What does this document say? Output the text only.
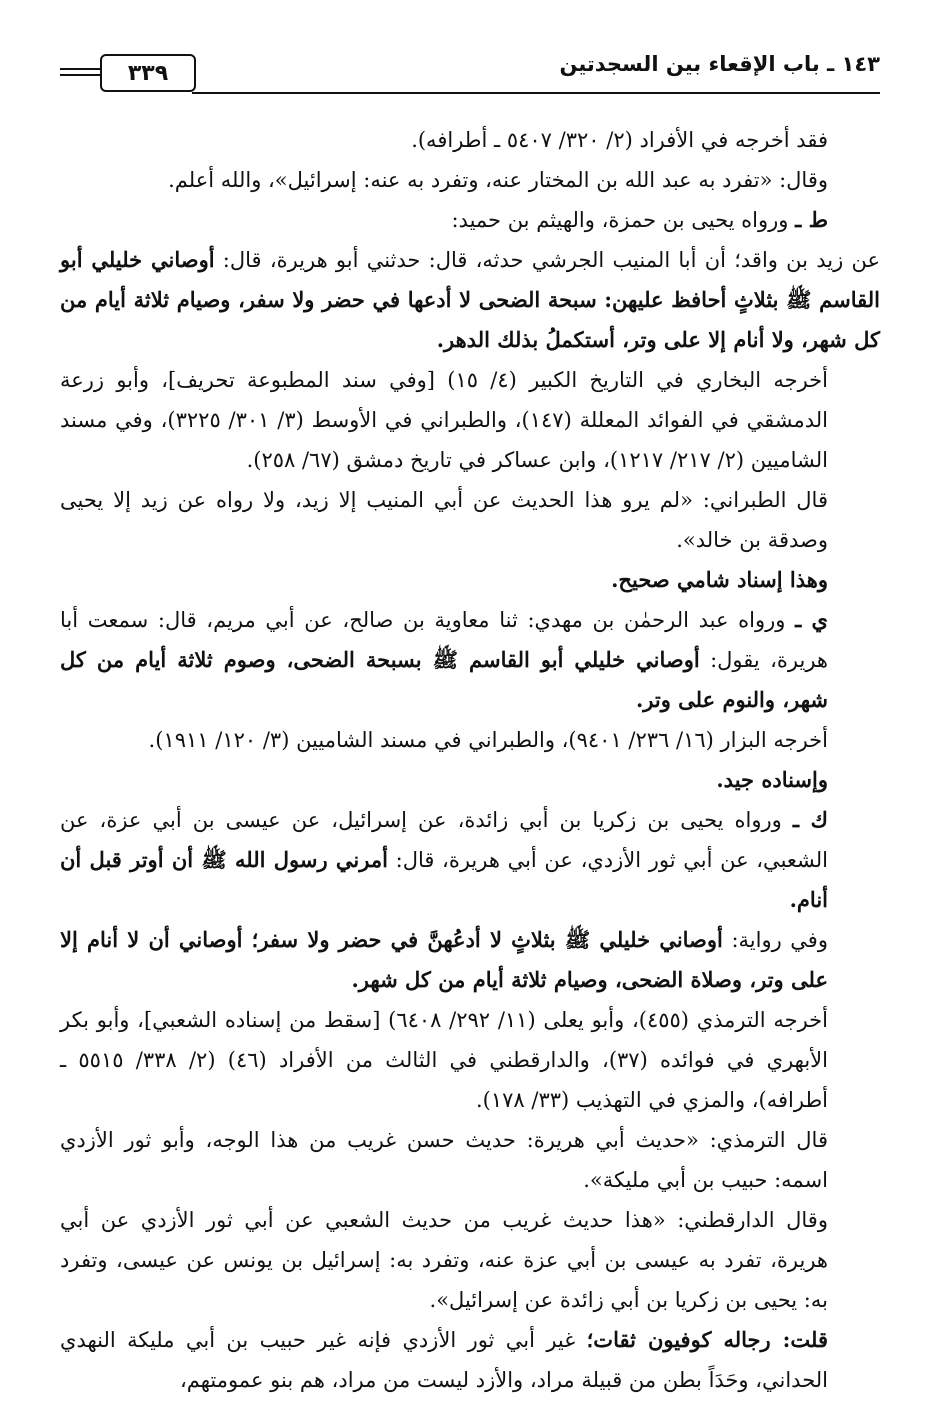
١٤٣ ـ باب الإقعاء بين السجدتين
٣٣٩

فقد أخرجه في الأفراد (٢/ ٣٢٠/ ٥٤٠٧ ـ أطرافه).

وقال: «تفرد به عبد الله بن المختار عنه، وتفرد به عنه: إسرائيل»، والله أعلم.

ط ـ ورواه يحيى بن حمزة، والهيثم بن حميد:

عن زيد بن واقد؛ أن أبا المنيب الجرشي حدثه، قال: حدثني أبو هريرة، قال: أوصاني خليلي أبو القاسم ﷺ بثلاثٍ أحافظ عليهن: سبحة الضحى لا أدعها في حضر ولا سفر، وصيام ثلاثة أيام من كل شهر، ولا أنام إلا على وتر، أستكملُ بذلك الدهر.

أخرجه البخاري في التاريخ الكبير (٤/ ١٥) [وفي سند المطبوعة تحريف]، وأبو زرعة الدمشقي في الفوائد المعللة (١٤٧)، والطبراني في الأوسط (٣/ ٣٠١/ ٣٢٢٥)، وفي مسند الشاميين (٢/ ٢١٧/ ١٢١٧)، وابن عساكر في تاريخ دمشق (٦٧/ ٢٥٨).

قال الطبراني: «لم يرو هذا الحديث عن أبي المنيب إلا زيد، ولا رواه عن زيد إلا يحيى وصدقة بن خالد».

وهذا إسناد شامي صحيح.

ي ـ ورواه عبد الرحمٰن بن مهدي: ثنا معاوية بن صالح، عن أبي مريم، قال: سمعت أبا هريرة، يقول: أوصاني خليلي أبو القاسم ﷺ بسبحة الضحى، وصوم ثلاثة أيام من كل شهر، والنوم على وتر.

أخرجه البزار (١٦/ ٢٣٦/ ٩٤٠١)، والطبراني في مسند الشاميين (٣/ ١٢٠/ ١٩١١).

وإسناده جيد.

ك ـ ورواه يحيى بن زكريا بن أبي زائدة، عن إسرائيل، عن عيسى بن أبي عزة، عن الشعبي، عن أبي ثور الأزدي، عن أبي هريرة، قال: أمرني رسول الله ﷺ أن أوتر قبل أن أنام.

وفي رواية: أوصاني خليلي ﷺ بثلاثٍ لا أدعُهنَّ في حضر ولا سفر؛ أوصاني أن لا أنام إلا على وتر، وصلاة الضحى، وصيام ثلاثة أيام من كل شهر.

أخرجه الترمذي (٤٥٥)، وأبو يعلى (١١/ ٢٩٢/ ٦٤٠٨) [سقط من إسناده الشعبي]، وأبو بكر الأبهري في فوائده (٣٧)، والدارقطني في الثالث من الأفراد (٤٦) (٢/ ٣٣٨/ ٥٥١٥ ـ أطرافه)، والمزي في التهذيب (٣٣/ ١٧٨).

قال الترمذي: «حديث أبي هريرة: حديث حسن غريب من هذا الوجه، وأبو ثور الأزدي اسمه: حبيب بن أبي مليكة».

وقال الدارقطني: «هذا حديث غريب من حديث الشعبي عن أبي ثور الأزدي عن أبي هريرة، تفرد به عيسى بن أبي عزة عنه، وتفرد به: إسرائيل بن يونس عن عيسى، وتفرد به: يحيى بن زكريا بن أبي زائدة عن إسرائيل».

قلت: رجاله كوفيون ثقات؛ غير أبي ثور الأزدي فإنه غير حبيب بن أبي مليكة النهدي الحداني، وحَدَاً بطن من قبيلة مراد، والأزد ليست من مراد، هم بنو عمومتهم،
